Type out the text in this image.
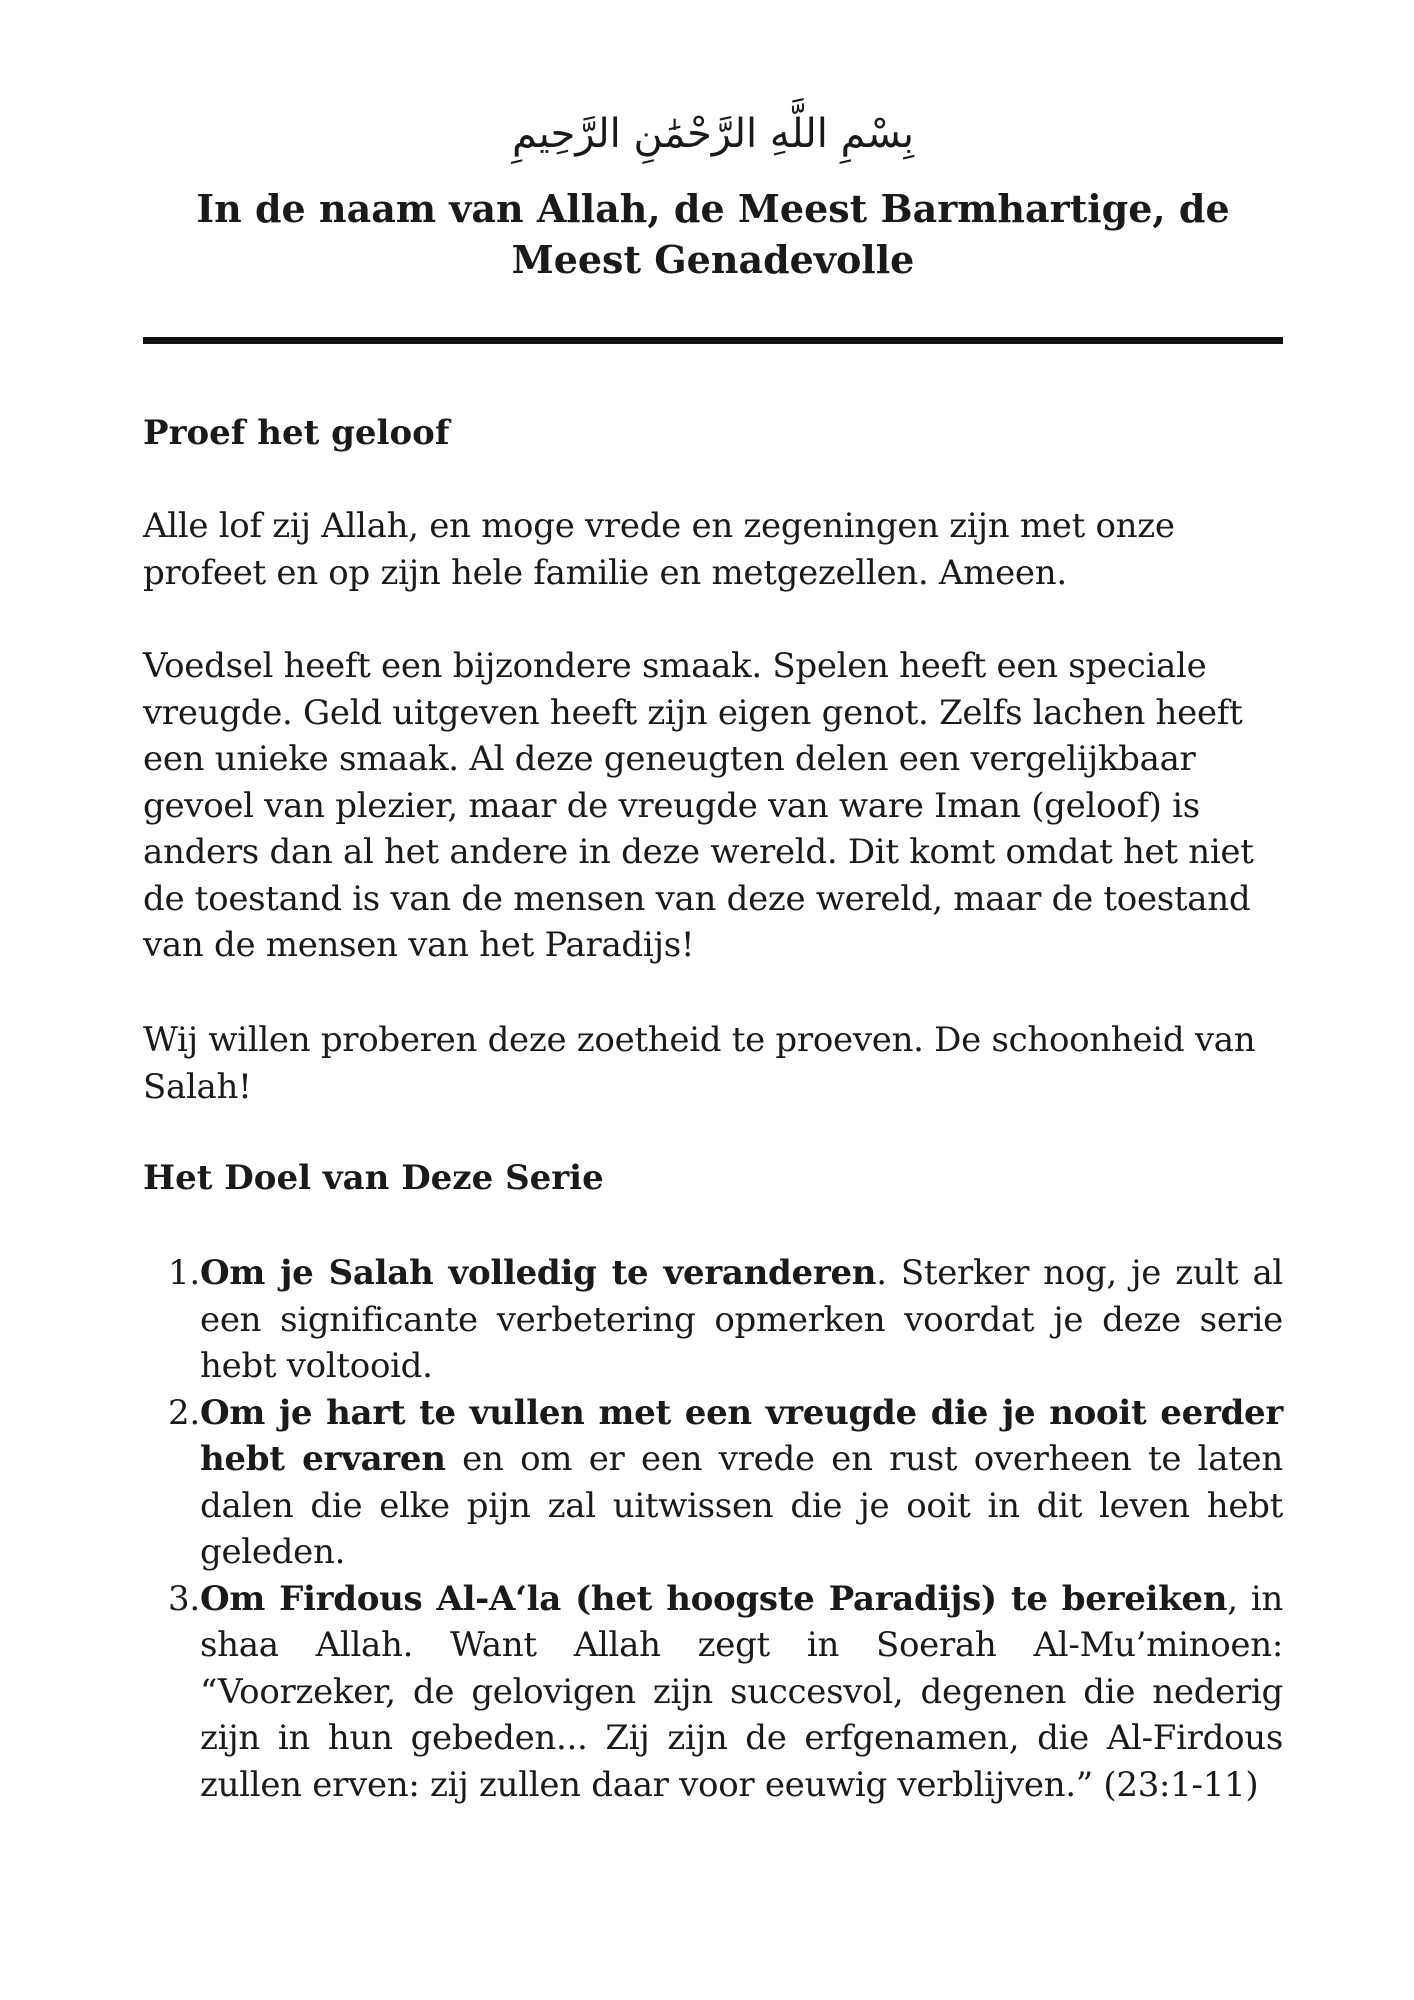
بِسْمِ اللَّهِ الرَّحْمَٰنِ الرَّحِيمِ
In de naam van Allah, de Meest Barmhartige, de Meest Genadevolle
Proef het geloof

Alle lof zij Allah, en moge vrede en zegeningen zijn met onze profeet en op zijn hele familie en metgezellen. Ameen.

Voedsel heeft een bijzondere smaak. Spelen heeft een speciale vreugde. Geld uitgeven heeft zijn eigen genot. Zelfs lachen heeft een unieke smaak. Al deze geneugten delen een vergelijkbaar gevoel van plezier, maar de vreugde van ware Iman (geloof) is anders dan al het andere in deze wereld. Dit komt omdat het niet de toestand is van de mensen van deze wereld, maar de toestand van de mensen van het Paradijs!

Wij willen proberen deze zoetheid te proeven. De schoonheid van Salah!

Het Doel van Deze Serie
1. Om je Salah volledig te veranderen. Sterker nog, je zult al een significante verbetering opmerken voordat je deze serie hebt voltooid.
2. Om je hart te vullen met een vreugde die je nooit eerder hebt ervaren en om er een vrede en rust overheen te laten dalen die elke pijn zal uitwissen die je ooit in dit leven hebt geleden.
3. Om Firdous Al-A‘la (het hoogste Paradijs) te bereiken, in shaa Allah. Want Allah zegt in Soerah Al-Mu’minoen: “Voorzeker, de gelovigen zijn succesvol, degenen die nederig zijn in hun gebeden... Zij zijn de erfgenamen, die Al-Firdous zullen erven: zij zullen daar voor eeuwig verblijven.” (23:1-11)
